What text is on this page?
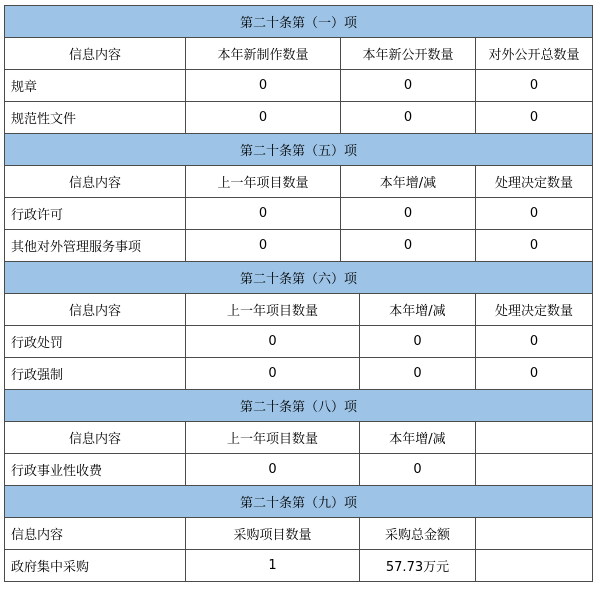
第二十条第（一）项			
信息内容	本年新制作数量	本年新公开数量	对外公开总数量
规章	0	0	0
规范性文件	0	0	0
第二十条第（五）项			
信息内容	上一年项目数量	本年增/减	处理决定数量
行政许可	0	0	0
其他对外管理服务事项	0	0	0
第二十条第（六）项			
信息内容	上一年项目数量	本年增/减	处理决定数量
行政处罚	0	0	0
行政强制	0	0	0
第二十条第（八）项			
信息内容	上一年项目数量	本年增/减	
行政事业性收费	0	0	
第二十条第（九）项			
信息内容	采购项目数量	采购总金额	
政府集中采购	1	57.73万元	
